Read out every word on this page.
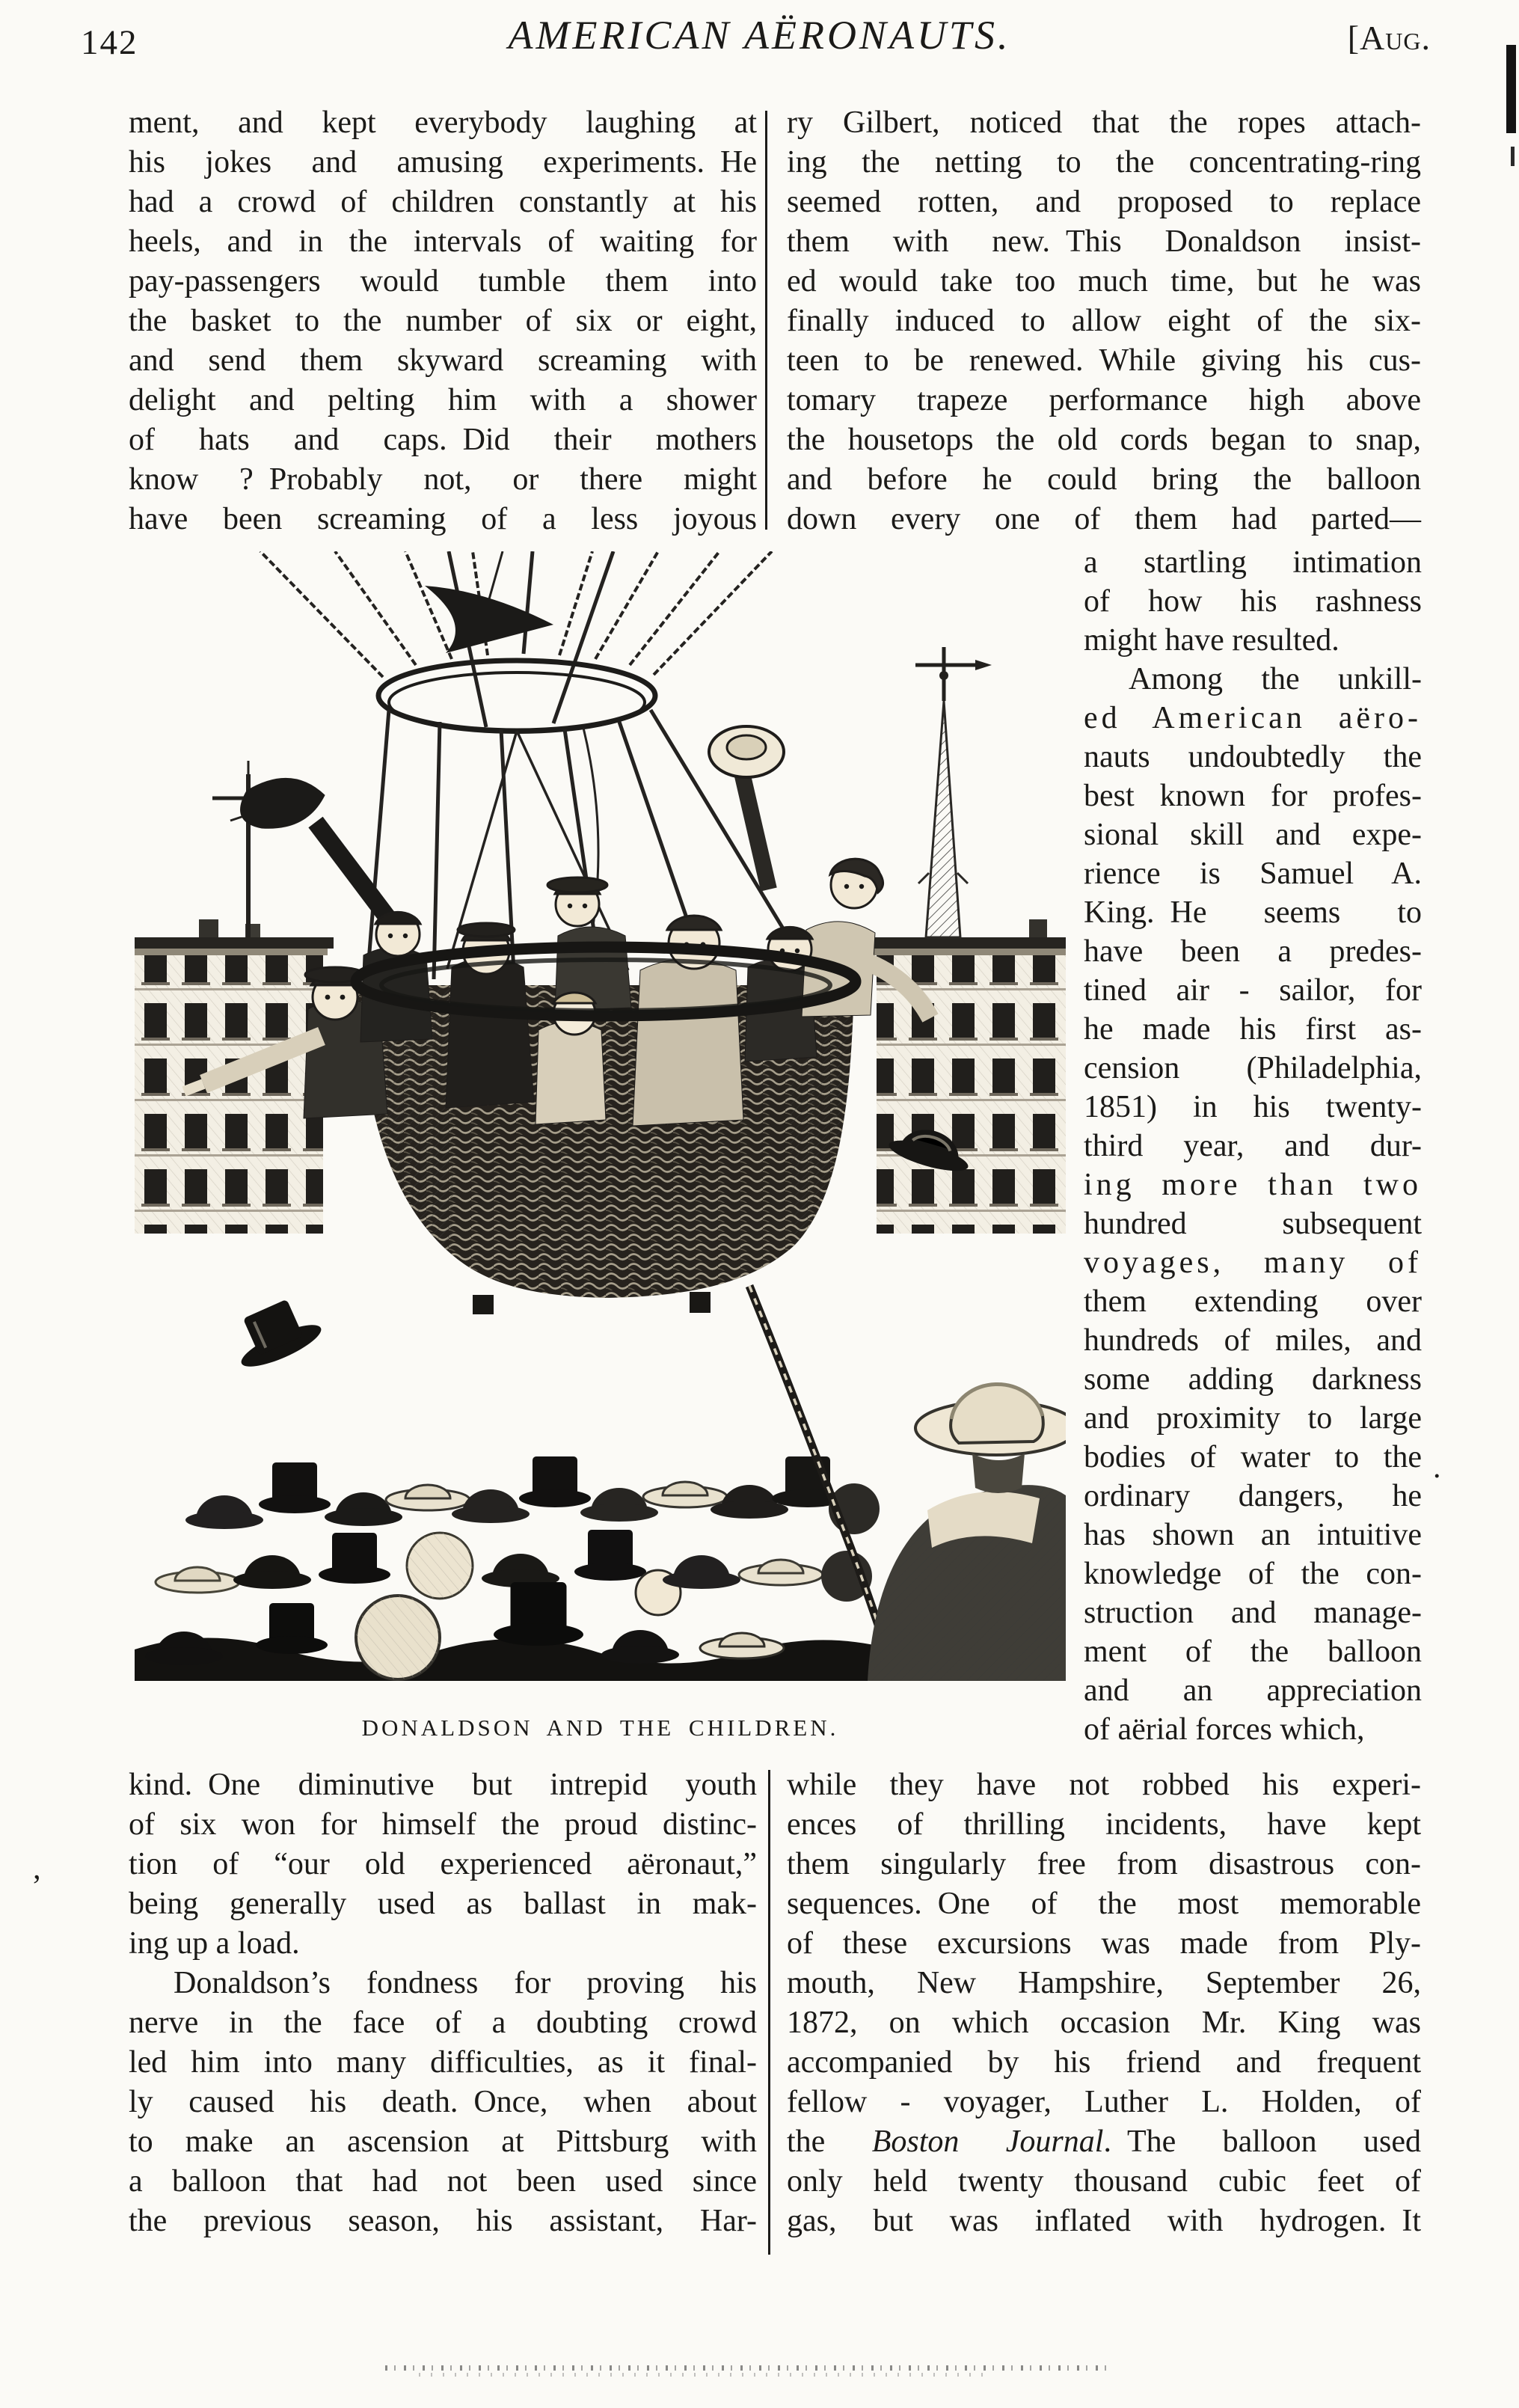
142	AMERICAN AËRONAUTS.	[Aug.
ment, and kept everybody laughing at
his jokes and amusing experiments. He
had a crowd of children constantly at his
heels, and in the intervals of waiting for
pay-passengers would tumble them into
the basket to the number of six or eight,
and send them skyward screaming with
delight and pelting him with a shower
of hats and caps. Did their mothers
know ? Probably not, or there might
have been screaming of a less joyous
ry Gilbert, noticed that the ropes attach-
ing the netting to the concentrating-ring
seemed rotten, and proposed to replace
them with new. This Donaldson insist-
ed would take too much time, but he was
finally induced to allow eight of the six-
teen to be renewed. While giving his cus-
tomary trapeze performance high above
the housetops the old cords began to snap,
and before he could bring the balloon
down every one of them had parted—
a startling intimation
of how his rashness
might have resulted.
Among the unkill-
ed American aëro-
nauts undoubtedly the
best known for profes-
sional skill and expe-
rience is Samuel A.
King. He seems to
have been a predes-
tined air - sailor, for
he made his first as-
cension (Philadelphia,
1851) in his twenty-
third year, and dur-
ing more than two
hundred subsequent
voyages, many of
them extending over
hundreds of miles, and
some adding darkness
and proximity to large
bodies of water to the
ordinary dangers, he
has shown an intuitive
knowledge of the con-
struction and manage-
ment of the balloon
and an appreciation
of aërial forces which,
DONALDSON AND THE CHILDREN.
kind. One diminutive but intrepid youth
of six won for himself the proud distinc-
tion of “our old experienced aëronaut,”
being generally used as ballast in mak-
ing up a load.
Donaldson’s fondness for proving his
nerve in the face of a doubting crowd
led him into many difficulties, as it final-
ly caused his death. Once, when about
to make an ascension at Pittsburg with
a balloon that had not been used since
the previous season, his assistant, Har-
while they have not robbed his experi-
ences of thrilling incidents, have kept
them singularly free from disastrous con-
sequences. One of the most memorable
of these excursions was made from Ply-
mouth, New Hampshire, September 26,
1872, on which occasion Mr. King was
accompanied by his friend and frequent
fellow - voyager, Luther L. Holden, of
the Boston Journal. The balloon used
only held twenty thousand cubic feet of
gas, but was inflated with hydrogen. It
’
.
